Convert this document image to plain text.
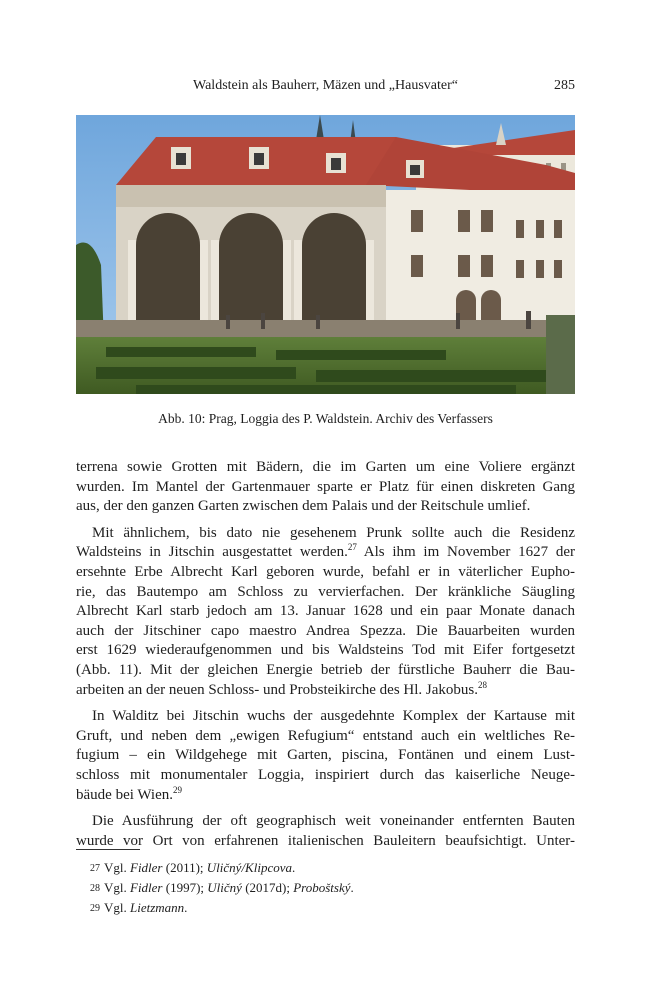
Waldstein als Bauherr, Mäzen und „Hausvater“	285
Abb. 10: Prag, Loggia des P. Waldstein. Archiv des Verfassers
terrena sowie Grotten mit Bädern, die im Garten um eine Voliere ergänzt
wurden. Im Mantel der Gartenmauer sparte er Platz für einen diskreten Gang
aus, der den ganzen Garten zwischen dem Palais und der Reitschule umlief.
Mit ähnlichem, bis dato nie gesehenem Prunk sollte auch die Residenz
Waldsteins in Jitschin ausgestattet werden.$^{27}$ Als ihm im November 1627 der
ersehnte Erbe Albrecht Karl geboren wurde, befahl er in väterlicher Eupho-
rie, das Bautempo am Schloss zu vervierfachen. Der kränkliche Säugling
Albrecht Karl starb jedoch am 13. Januar 1628 und ein paar Monate danach
auch der Jitschiner capo maestro Andrea Spezza. Die Bauarbeiten wurden
erst 1629 wiederaufgenommen und bis Waldsteins Tod mit Eifer fortgesetzt
(Abb. 11). Mit der gleichen Energie betrieb der fürstliche Bauherr die Bau-
arbeiten an der neuen Schloss- und Probsteikirche des Hl. Jakobus.$^{28}$
In Walditz bei Jitschin wuchs der ausgedehnte Komplex der Kartause mit
Gruft, und neben dem „ewigen Refugium“ entstand auch ein weltliches Re-
fugium – ein Wildgehege mit Garten, piscina, Fontänen und einem Lust-
schloss mit monumentaler Loggia, inspiriert durch das kaiserliche Neuge-
bäude bei Wien.$^{29}$
Die Ausführung der oft geographisch weit voneinander entfernten Bauten
wurde vor Ort von erfahrenen italienischen Bauleitern beaufsichtigt. Unter-
27 Vgl. Fidler (2011); Uličný/Klipcova.
28 Vgl. Fidler (1997); Uličný (2017d); Proboštský.
29 Vgl. Lietzmann.
